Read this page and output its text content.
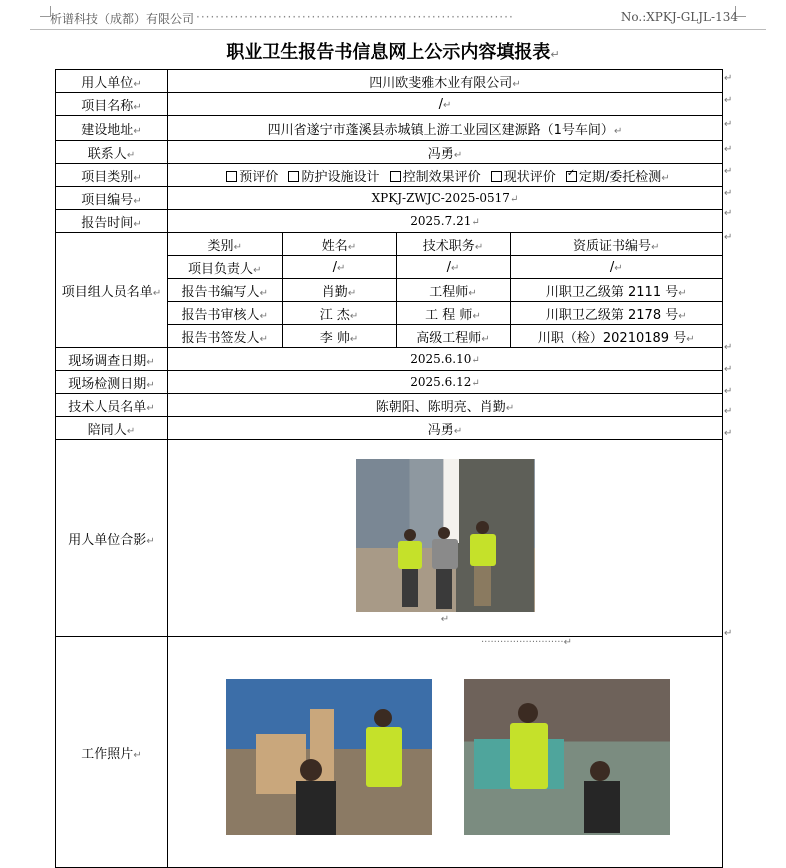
析谱科技（成都）有限公司 ··································································	No.:XPKJ-GLJL-134
职业卫生报告书信息网上公示内容填报表↵
用人单位↵	四川欧斐雅木业有限公司↵
项目名称↵	/↵
建设地址↵	四川省遂宁市蓬溪县赤城镇上游工业园区建源路（1号车间）↵
联系人↵	冯勇↵
项目类别↵	预评价 防护设施设计 控制效果评价 现状评价 ✓ 定期/委托检测↵
项目编号↵	XPKJ-ZWJC-2025-0517↵
报告时间↵	2025.7.21↵
项目组人员名单↵	
类别↵	姓名↵	技术职务↵	资质证书编号↵
项目负责人↵	/↵	/↵	/↵
报告书编写人↵	肖勤↵	工程师↵	川职卫乙级第 2111 号↵
报告书审核人↵	江 杰↵	工 程 师↵	川职卫乙级第 2178 号↵
报告书签发人↵	李 帅↵	高级工程师↵	川职（检）20210189 号↵

现场调查日期↵	2025.6.10↵
现场检测日期↵	2025.6.12↵
技术人员名单↵	陈朝阳、陈明亮、肖勤↵
陪同人↵	冯勇↵
用人单位合影↵	
↵

工作照片↵	
··························↵
↵
↵
↵
↵
↵
↵
↵
↵
↵
↵
↵
↵
↵
↵
